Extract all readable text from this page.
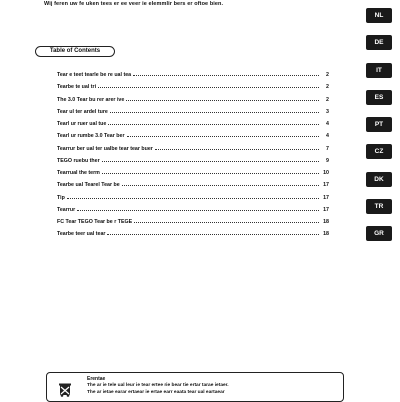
Wij feren uw fe uken tees er ee veer ie elemmlir bers er oftoe bien.
Table of Contents
Tear e teet tearle be re ual tea	2
Tearbe te ual tri	2
The 3.0 Tear bu rer arer ive	2
Tear ul ter ardel ture	3
Tearl ur ruer ual tue	4
Tearl ur rumbe 3.0 Tear ber	4
Tearrur ber ual ter ualbe tear tear buer	7
TEGO ruebu ther	9
Tearrual the term	10
Tearbe ual Tearel Tear be	17
Tip	17
Tearrur	17
FC Tear TEGO Tear be r TEGE	18
Tearbe teer ual tear	18
NL
DE
IT
ES
PT
CZ
DK
TR
GR
Erentae
The ar ie tele ual leur ie tear ertee rie bear tie ertar tarae ietaer.
The ar ietae earar ertaear ie ertae earr eaata tear ual eartaear
